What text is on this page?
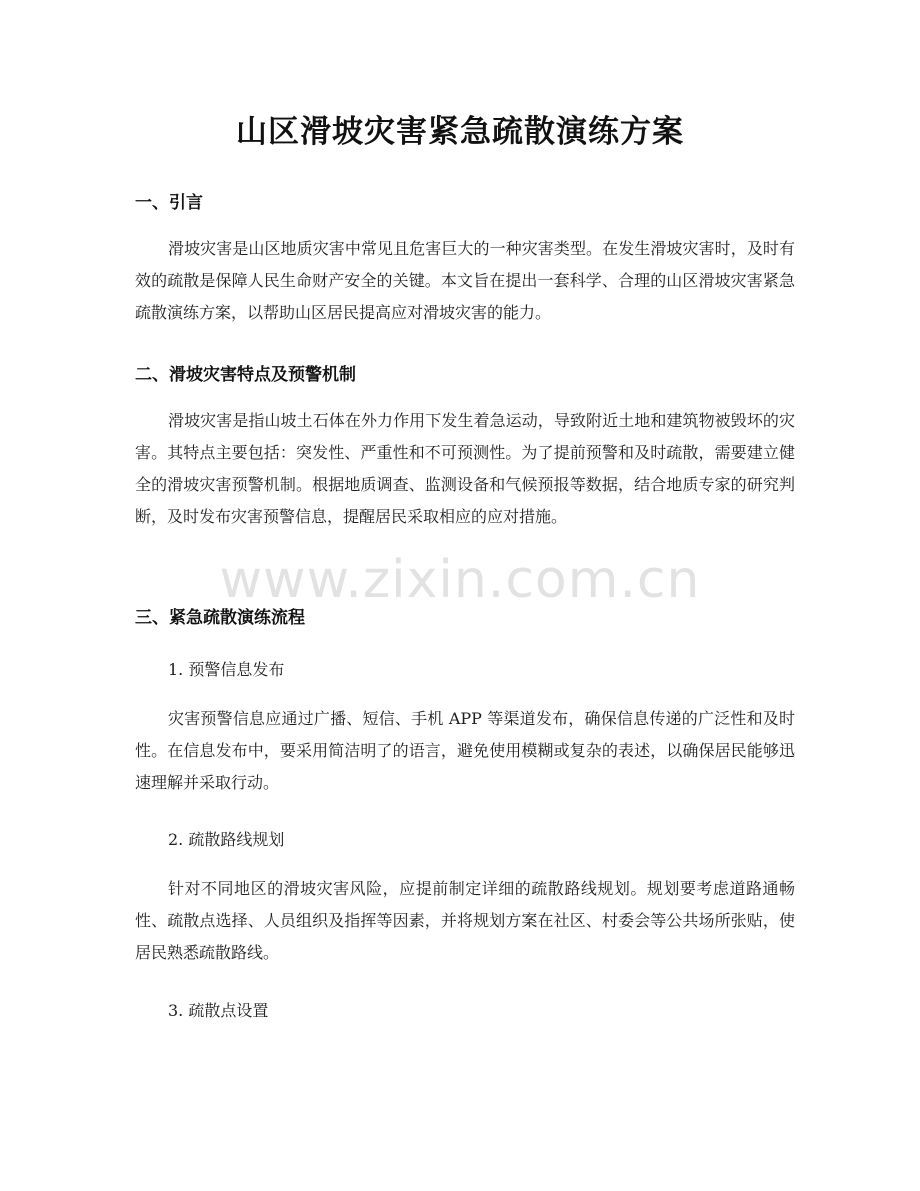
山区滑坡灾害紧急疏散演练方案
一、引言
滑坡灾害是山区地质灾害中常见且危害巨大的一种灾害类型。在发生滑坡灾害时，及时有效的疏散是保障人民生命财产安全的关键。本文旨在提出一套科学、合理的山区滑坡灾害紧急疏散演练方案，以帮助山区居民提高应对滑坡灾害的能力。
二、滑坡灾害特点及预警机制
滑坡灾害是指山坡土石体在外力作用下发生着急运动，导致附近土地和建筑物被毁坏的灾害。其特点主要包括：突发性、严重性和不可预测性。为了提前预警和及时疏散，需要建立健全的滑坡灾害预警机制。根据地质调查、监测设备和气候预报等数据，结合地质专家的研究判断，及时发布灾害预警信息，提醒居民采取相应的应对措施。
三、紧急疏散演练流程
1. 预警信息发布
灾害预警信息应通过广播、短信、手机 APP 等渠道发布，确保信息传递的广泛性和及时性。在信息发布中，要采用简洁明了的语言，避免使用模糊或复杂的表述，以确保居民能够迅速理解并采取行动。
2. 疏散路线规划
针对不同地区的滑坡灾害风险，应提前制定详细的疏散路线规划。规划要考虑道路通畅性、疏散点选择、人员组织及指挥等因素，并将规划方案在社区、村委会等公共场所张贴，使居民熟悉疏散路线。
3. 疏散点设置
www.zixin.com.cn
